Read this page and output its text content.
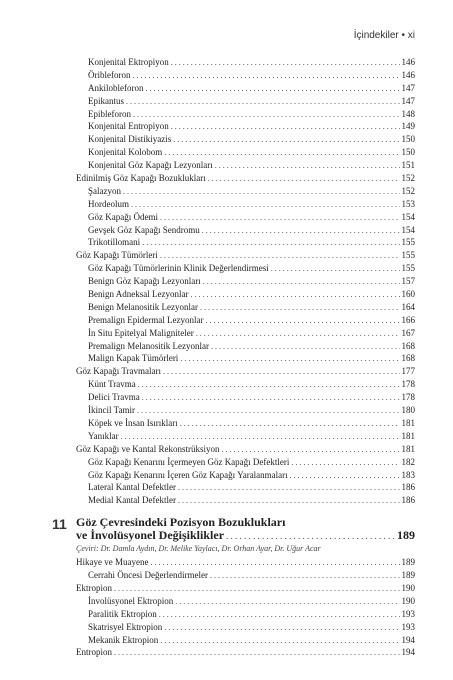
İçindekiler • xi
Konjenital Ektropiyon . . .	146
Öribleforon . . .	146
Ankilobleforon . . .	147
Epikantus . . .	147
Epibleforon . . .	148
Konjenital Entropiyon . . .	149
Konjenital Distikiyazis . . .	150
Konjenital Kolobom . . .	150
Konjenital Göz Kapağı Lezyonları . . .	151
Edinilmiş Göz Kapağı Bozuklukları . . .	152
Şalazyon . . .	152
Hordeolum . . .	153
Göz Kapağı Ödemi . . .	154
Gevşek Göz Kapağı Sendromu . . .	154
Trikotillomani . . .	155
Göz Kapağı Tümörleri . . .	155
Göz Kapağı Tümörlerinin Klinik Değerlendirmesi . . .	155
Benign Göz Kapağı Lezyonları . . .	157
Benign Adneksal Lezyonlar . . .	160
Benign Melanositik Lezyonlar . . .	164
Premalign Epidermal Lezyonlar . . .	166
İn Situ Epitelyal Maligniteler . . .	167
Premalign Melanositik Lezyonlar . . .	168
Malign Kapak Tümörleri . . .	168
Göz Kapağı Travmaları . . .	177
Künt Travma . . .	178
Delici Travma . . .	178
İkincil Tamir . . .	180
Köpek ve İnsan Isırıkları . . .	181
Yanıklar . . .	181
Göz Kapağı ve Kantal Rekonstrüksiyon . . .	181
Göz Kapağı Kenarını İçermeyen Göz Kapağı Defektleri . . .	182
Göz Kapağı Kenarını İçeren Göz Kapağı Yaralanmaları . . .	183
Lateral Kantal Defektler . . .	186
Medial Kantal Defektler . . .	186
11 Göz Çevresindeki Pozisyon Bozuklukları
ve İnvolüsyonel Değişiklikler . . .	189
Çeviri: Dr. Damla Aydın, Dr. Melike Yaylacı, Dr. Orhan Ayar, Dr. Uğur Acar
Hikaye ve Muayene . . .	189
Cerrahi Öncesi Değerlendirmeler . . .	189
Ektropion . . .	190
İnvolüsyonel Ektropion . . .	190
Paralitik Ektropion . . .	193
Skatrisyel Ektropion . . .	193
Mekanik Ektropion . . .	194
Entropion . . .	194
